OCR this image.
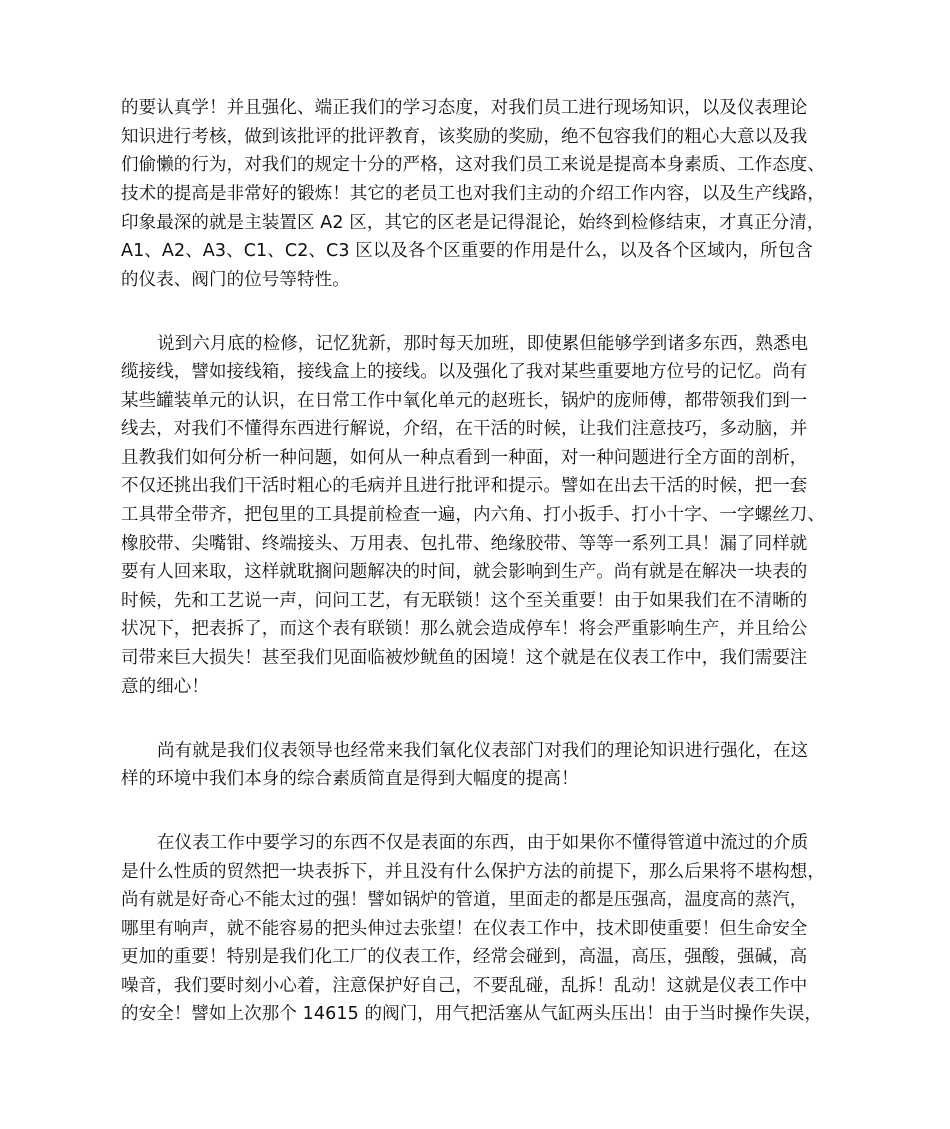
的要认真学！并且强化、端正我们的学习态度，对我们员工进行现场知识，以及仪表理论
知识进行考核，做到该批评的批评教育，该奖励的奖励，绝不包容我们的粗心大意以及我
们偷懒的行为，对我们的规定十分的严格，这对我们员工来说是提高本身素质、工作态度、
技术的提高是非常好的锻炼！其它的老员工也对我们主动的介绍工作内容，以及生产线路，
印象最深的就是主装置区 A2 区，其它的区老是记得混论，始终到检修结束，才真正分清，
A1、A2、A3、C1、C2、C3 区以及各个区重要的作用是什么，以及各个区域内，所包含
的仪表、阀门的位号等特性。
说到六月底的检修，记忆犹新，那时每天加班，即使累但能够学到诸多东西，熟悉电
缆接线，譬如接线箱，接线盒上的接线。以及强化了我对某些重要地方位号的记忆。尚有
某些罐装单元的认识，在日常工作中氧化单元的赵班长，锅炉的庞师傅，都带领我们到一
线去，对我们不懂得东西进行解说，介绍，在干活的时候，让我们注意技巧，多动脑，并
且教我们如何分析一种问题，如何从一种点看到一种面，对一种问题进行全方面的剖析，
不仅还挑出我们干活时粗心的毛病并且进行批评和提示。譬如在出去干活的时候，把一套
工具带全带齐，把包里的工具提前检查一遍，内六角、打小扳手、打小十字、一字螺丝刀、
橡胶带、尖嘴钳、终端接头、万用表、包扎带、绝缘胶带、等等一系列工具！漏了同样就
要有人回来取，这样就耽搁问题解决的时间，就会影响到生产。尚有就是在解决一块表的
时候，先和工艺说一声，问问工艺，有无联锁！这个至关重要！由于如果我们在不清晰的
状况下，把表拆了，而这个表有联锁！那么就会造成停车！将会严重影响生产，并且给公
司带来巨大损失！甚至我们见面临被炒鱿鱼的困境！这个就是在仪表工作中，我们需要注
意的细心！
尚有就是我们仪表领导也经常来我们氧化仪表部门对我们的理论知识进行强化，在这
样的环境中我们本身的综合素质简直是得到大幅度的提高！
在仪表工作中要学习的东西不仅是表面的东西，由于如果你不懂得管道中流过的介质
是什么性质的贸然把一块表拆下，并且没有什么保护方法的前提下，那么后果将不堪构想，
尚有就是好奇心不能太过的强！譬如锅炉的管道，里面走的都是压强高，温度高的蒸汽，
哪里有响声，就不能容易的把头伸过去张望！在仪表工作中，技术即使重要！但生命安全
更加的重要！特别是我们化工厂的仪表工作，经常会碰到，高温，高压，强酸，强碱，高
噪音，我们要时刻小心着，注意保护好自己，不要乱碰，乱拆！乱动！这就是仪表工作中
的安全！譬如上次那个 14615 的阀门，用气把活塞从气缸两头压出！由于当时操作失误，
